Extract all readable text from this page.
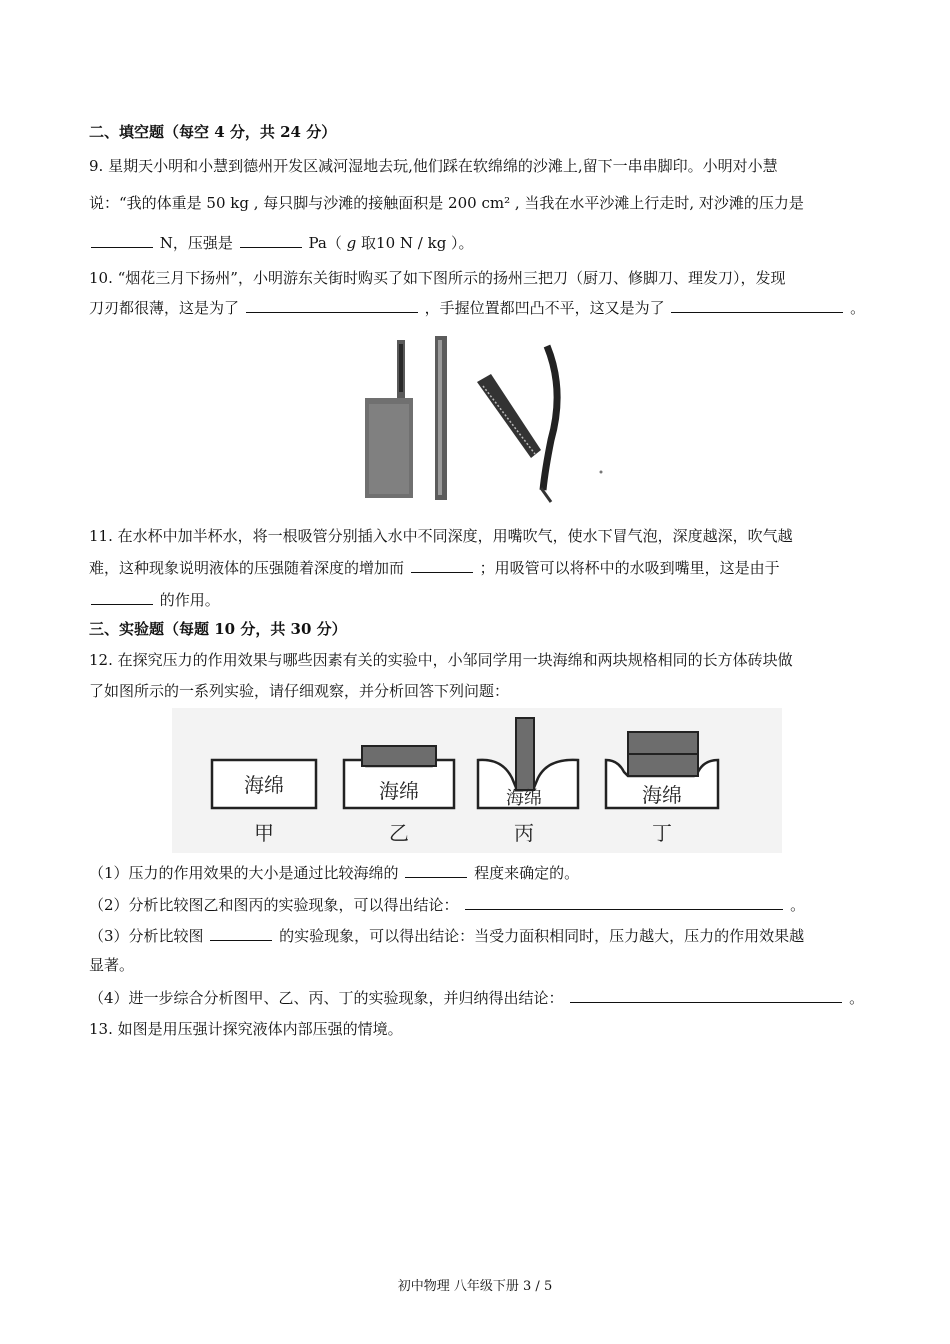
二、填空题（每空 4 分，共 24 分）
9. 星期天小明和小慧到德州开发区减河湿地去玩,他们踩在软绵绵的沙滩上,留下一串串脚印。小明对小慧
说：“我的体重是 50 kg , 每只脚与沙滩的接触面积是 200 cm² , 当我在水平沙滩上行走时, 对沙滩的压力是
N，压强是	Pa（ g 取10 N / kg ）。
10. “烟花三月下扬州”，小明游东关街时购买了如下图所示的扬州三把刀（厨刀、修脚刀、理发刀），发现
刀刃都很薄，这是为了	，手握位置都凹凸不平，这又是为了	。
11. 在水杯中加半杯水，将一根吸管分别插入水中不同深度，用嘴吹气，使水下冒气泡，深度越深，吹气越
难，这种现象说明液体的压强随着深度的增加而	；用吸管可以将杯中的水吸到嘴里，这是由于
的作用。
三、实验题（每题 10 分，共 30 分）
12. 在探究压力的作用效果与哪些因素有关的实验中，小邹同学用一块海绵和两块规格相同的长方体砖块做
了如图所示的一系列实验，请仔细观察，并分析回答下列问题：
海绵
甲
海绵
乙
海绵
丙
海绵
丁
（1）压力的作用效果的大小是通过比较海绵的	程度来确定的。
（2）分析比较图乙和图丙的实验现象，可以得出结论：	。
（3）分析比较图	的实验现象，可以得出结论：当受力面积相同时，压力越大，压力的作用效果越
显著。
（4）进一步综合分析图甲、乙、丙、丁的实验现象，并归纳得出结论：	。
13. 如图是用压强计探究液体内部压强的情境。
初中物理 八年级下册 3 / 5
